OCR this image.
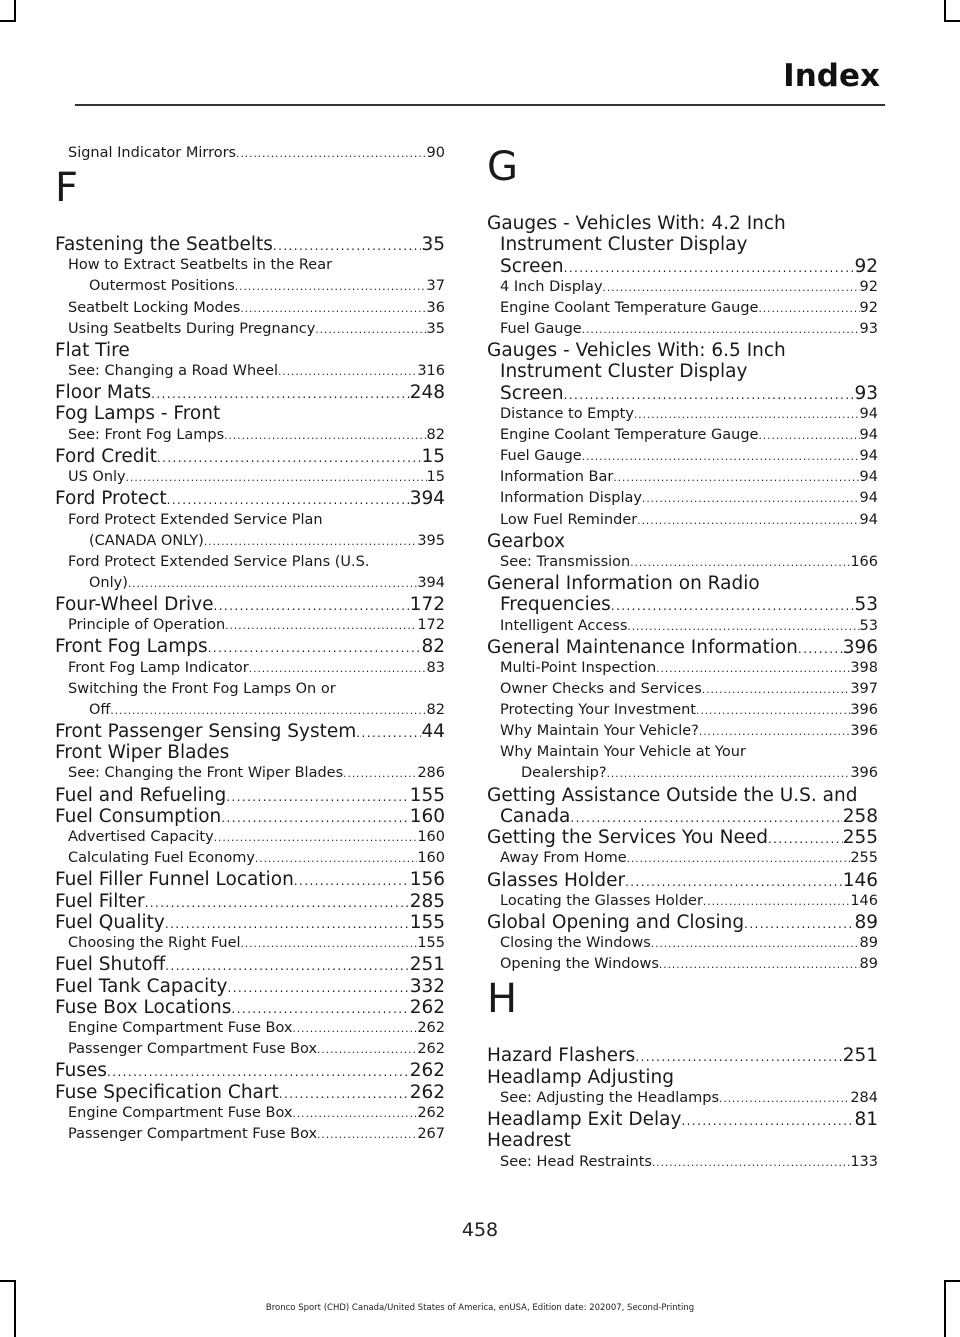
Index
Signal Indicator Mirrors .....	90
F
Fastening the Seatbelts .....	35
How to Extract Seatbelts in the Rear
Outermost Positions .....	37
Seatbelt Locking Modes .....	36
Using Seatbelts During Pregnancy .....	35
Flat Tire
See: Changing a Road Wheel .....	316
Floor Mats .....	248
Fog Lamps - Front
See: Front Fog Lamps .....	82
Ford Credit .....	15
US Only .....	15
Ford Protect .....	394
Ford Protect Extended Service Plan
(CANADA ONLY) .....	395
Ford Protect Extended Service Plans (U.S.
Only) .....	394
Four-Wheel Drive .....	172
Principle of Operation .....	172
Front Fog Lamps .....	82
Front Fog Lamp Indicator .....	83
Switching the Front Fog Lamps On or
Off .....	82
Front Passenger Sensing System .....	44
Front Wiper Blades
See: Changing the Front Wiper Blades .....	286
Fuel and Refueling .....	155
Fuel Consumption .....	160
Advertised Capacity .....	160
Calculating Fuel Economy .....	160
Fuel Filler Funnel Location .....	156
Fuel Filter .....	285
Fuel Quality .....	155
Choosing the Right Fuel .....	155
Fuel Shutoff .....	251
Fuel Tank Capacity .....	332
Fuse Box Locations .....	262
Engine Compartment Fuse Box .....	262
Passenger Compartment Fuse Box .....	262
Fuses .....	262
Fuse Specification Chart .....	262
Engine Compartment Fuse Box .....	262
Passenger Compartment Fuse Box .....	267
G
Gauges - Vehicles With: 4.2 Inch
Instrument Cluster Display
Screen .....	92
4 Inch Display .....	92
Engine Coolant Temperature Gauge .....	92
Fuel Gauge .....	93
Gauges - Vehicles With: 6.5 Inch
Instrument Cluster Display
Screen .....	93
Distance to Empty .....	94
Engine Coolant Temperature Gauge .....	94
Fuel Gauge .....	94
Information Bar .....	94
Information Display .....	94
Low Fuel Reminder .....	94
Gearbox
See: Transmission .....	166
General Information on Radio
Frequencies .....	53
Intelligent Access .....	53
General Maintenance Information ..... 396
Multi-Point Inspection .....	398
Owner Checks and Services .....	397
Protecting Your Investment .....	396
Why Maintain Your Vehicle? .....	396
Why Maintain Your Vehicle at Your
Dealership? .....	396
Getting Assistance Outside the U.S. and
Canada .....	258
Getting the Services You Need .....	255
Away From Home .....	255
Glasses Holder .....	146
Locating the Glasses Holder .....	146
Global Opening and Closing .....	89
Closing the Windows .....	89
Opening the Windows .....	89
H
Hazard Flashers .....	251
Headlamp Adjusting
See: Adjusting the Headlamps .....	284
Headlamp Exit Delay .....	81
Headrest
See: Head Restraints .....	133
458
Bronco Sport (CHD) Canada/United States of America, enUSA, Edition date: 202007, Second-Printing
